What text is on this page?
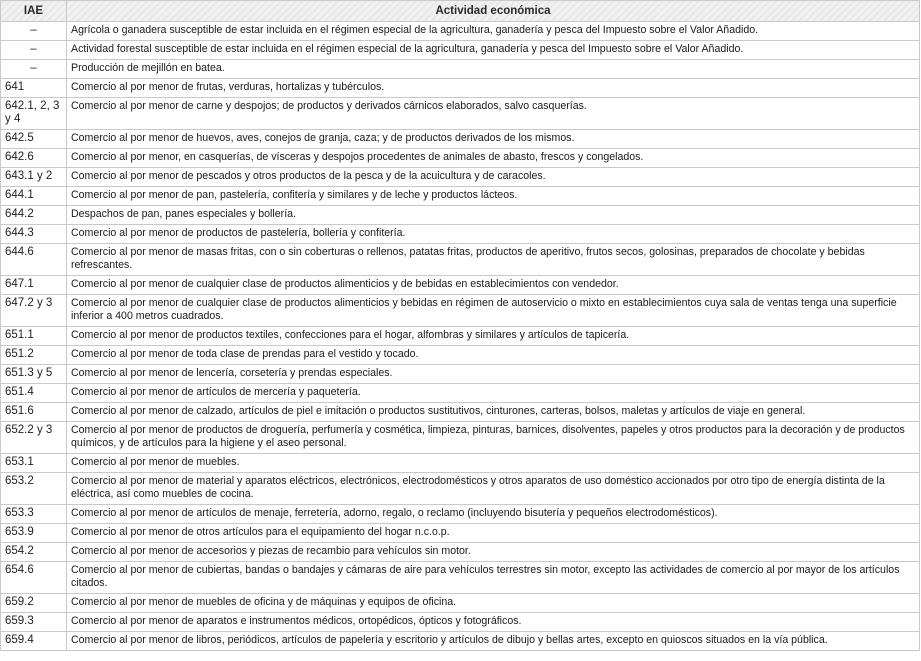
IAE	Actividad económica
–	Agrícola o ganadera susceptible de estar incluida en el régimen especial de la agricultura, ganadería y pesca del Impuesto sobre el Valor Añadido.
–	Actividad forestal susceptible de estar incluida en el régimen especial de la agricultura, ganadería y pesca del Impuesto sobre el Valor Añadido.
–	Producción de mejillón en batea.
641	Comercio al por menor de frutas, verduras, hortalizas y tubérculos.
642.1, 2, 3 y 4	Comercio al por menor de carne y despojos; de productos y derivados cárnicos elaborados, salvo casquerías.
642.5	Comercio al por menor de huevos, aves, conejos de granja, caza; y de productos derivados de los mismos.
642.6	Comercio al por menor, en casquerías, de vísceras y despojos procedentes de animales de abasto, frescos y congelados.
643.1 y 2	Comercio al por menor de pescados y otros productos de la pesca y de la acuicultura y de caracoles.
644.1	Comercio al por menor de pan, pastelería, confitería y similares y de leche y productos lácteos.
644.2	Despachos de pan, panes especiales y bollería.
644.3	Comercio al por menor de productos de pastelería, bollería y confitería.
644.6	Comercio al por menor de masas fritas, con o sin coberturas o rellenos, patatas fritas, productos de aperitivo, frutos secos, golosinas, preparados de chocolate y bebidas refrescantes.
647.1	Comercio al por menor de cualquier clase de productos alimenticios y de bebidas en establecimientos con vendedor.
647.2 y 3	Comercio al por menor de cualquier clase de productos alimenticios y bebidas en régimen de autoservicio o mixto en establecimientos cuya sala de ventas tenga una superficie inferior a 400 metros cuadrados.
651.1	Comercio al por menor de productos textiles, confecciones para el hogar, alfombras y similares y artículos de tapicería.
651.2	Comercio al por menor de toda clase de prendas para el vestido y tocado.
651.3 y 5	Comercio al por menor de lencería, corsetería y prendas especiales.
651.4	Comercio al por menor de artículos de mercería y paquetería.
651.6	Comercio al por menor de calzado, artículos de piel e imitación o productos sustitutivos, cinturones, carteras, bolsos, maletas y artículos de viaje en general.
652.2 y 3	Comercio al por menor de productos de droguería, perfumería y cosmética, limpieza, pinturas, barnices, disolventes, papeles y otros productos para la decoración y de productos químicos, y de artículos para la higiene y el aseo personal.
653.1	Comercio al por menor de muebles.
653.2	Comercio al por menor de material y aparatos eléctricos, electrónicos, electrodomésticos y otros aparatos de uso doméstico accionados por otro tipo de energía distinta de la eléctrica, así como muebles de cocina.
653.3	Comercio al por menor de artículos de menaje, ferretería, adorno, regalo, o reclamo (incluyendo bisutería y pequeños electrodomésticos).
653.9	Comercio al por menor de otros artículos para el equipamiento del hogar n.c.o.p.
654.2	Comercio al por menor de accesorios y piezas de recambio para vehículos sin motor.
654.6	Comercio al por menor de cubiertas, bandas o bandajes y cámaras de aire para vehículos terrestres sin motor, excepto las actividades de comercio al por mayor de los artículos citados.
659.2	Comercio al por menor de muebles de oficina y de máquinas y equipos de oficina.
659.3	Comercio al por menor de aparatos e instrumentos médicos, ortopédicos, ópticos y fotográficos.
659.4	Comercio al por menor de libros, periódicos, artículos de papelería y escritorio y artículos de dibujo y bellas artes, excepto en quioscos situados en la vía pública.
